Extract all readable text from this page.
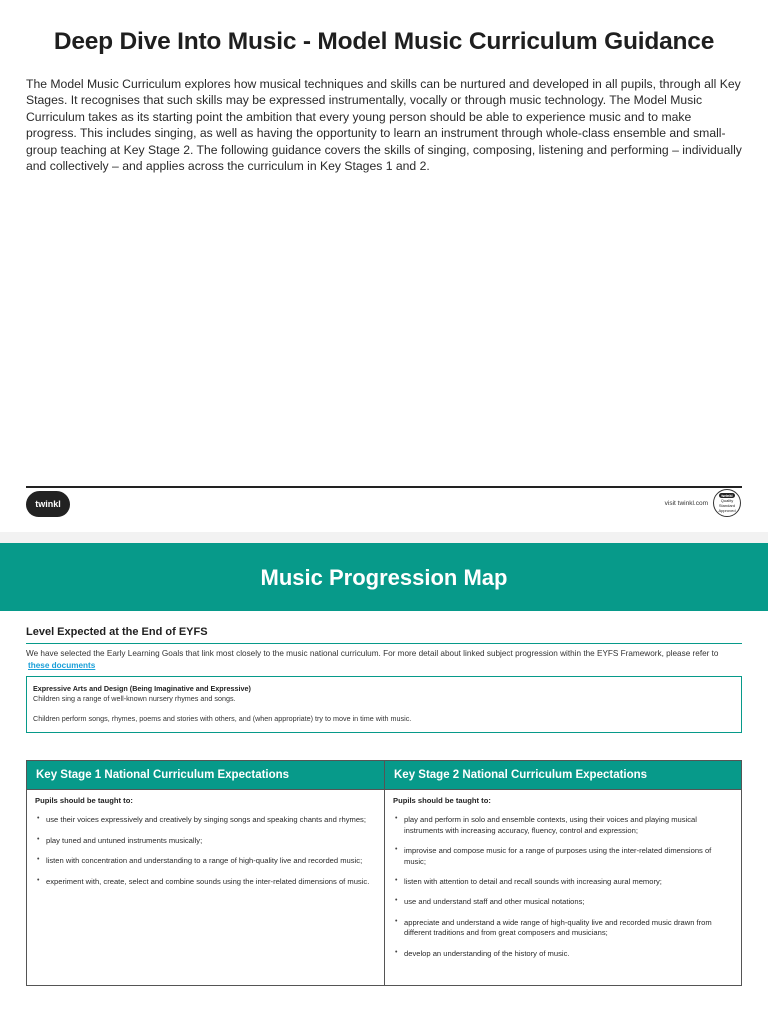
Deep Dive Into Music - Model Music Curriculum Guidance
The Model Music Curriculum explores how musical techniques and skills can be nurtured and developed in all pupils, through all Key Stages. It recognises that such skills may be expressed instrumentally, vocally or through music technology. The Model Music Curriculum takes as its starting point the ambition that every young person should be able to experience music and to make progress. This includes singing, as well as having the opportunity to learn an instrument through whole-class ensemble and small-group teaching at Key Stage 2. The following guidance covers the skills of singing, composing, listening and performing – individually and collectively – and applies across the curriculum in Key Stages 1 and 2.
twinkl	visit twinkl.com
twinkl
Quality Standard Approved
Music Progression Map
Level Expected at the End of EYFS
We have selected the Early Learning Goals that link most closely to the music national curriculum. For more detail about linked subject progression within the EYFS Framework, please refer to these documents

Expressive Arts and Design (Being Imaginative and Expressive)

Children sing a range of well-known nursery rhymes and songs.

Children perform songs, rhymes, poems and stories with others, and (when appropriate) try to move in time with music.

Key Stage 1 National Curriculum Expectations
Pupils should be taught to:
• use their voices expressively and creatively by singing songs and speaking chants and rhymes;
• play tuned and untuned instruments musically;
• listen with concentration and understanding to a range of high-quality live and recorded music;
• experiment with, create, select and combine sounds using the inter-related dimensions of music.
Key Stage 2 National Curriculum Expectations
Pupils should be taught to:
• play and perform in solo and ensemble contexts, using their voices and playing musical instruments with increasing accuracy, fluency, control and expression;
• improvise and compose music for a range of purposes using the inter-related dimensions of music;
• listen with attention to detail and recall sounds with increasing aural memory;
• use and understand staff and other musical notations;
• appreciate and understand a wide range of high-quality live and recorded music drawn from different traditions and from great composers and musicians;
• develop an understanding of the history of music.
